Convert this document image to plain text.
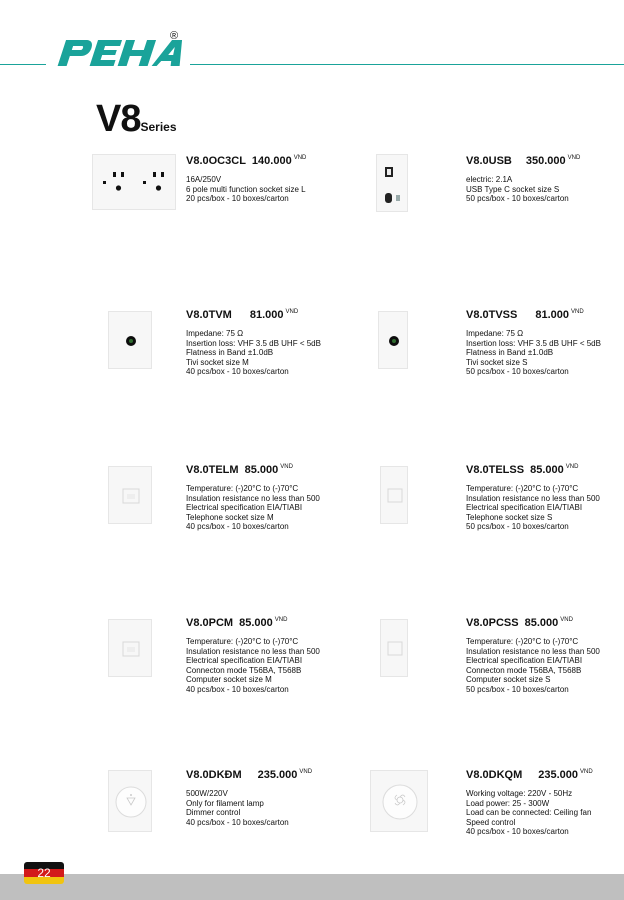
®
V8Series
V8.0OC3CL 140.000 $^{VND}$
16A/250V
6 pole multi function socket size L
20 pcs/box - 10 boxes/carton
V8.0TVM 81.000 $^{VND}$
Impedane: 75 Ω
Insertion loss: VHF 3.5 dB UHF < 5dB
Flatness in Band ±1.0dB
Tivi socket size M
40 pcs/box - 10 boxes/carton
V8.0TELM 85.000 $^{VND}$
Temperature: (-)20°C to (-)70°C
Insulation resistance no less than 500
Electrical specification EIA/TIABI
Telephone socket size M
40 pcs/box - 10 boxes/carton
V8.0PCM 85.000 $^{VND}$
Temperature: (-)20°C to (-)70°C
Insulation resistance no less than 500
Electrical specification EIA/TIABI
Connecton mode T56BA, T568B
Computer socket size M
40 pcs/box - 10 boxes/carton
V8.0DKĐM 235.000 $^{VND}$
500W/220V
Only for filament lamp
Dimmer control
40 pcs/box - 10 boxes/carton
V8.0USB 350.000 $^{VND}$
electric: 2.1A
USB Type C socket size S
50 pcs/box - 10 boxes/carton
V8.0TVSS 81.000 $^{VND}$
Impedane: 75 Ω
Insertion loss: VHF 3.5 dB UHF < 5dB
Flatness in Band ±1.0dB
Tivi socket size S
50 pcs/box - 10 boxes/carton
V8.0TELSS 85.000 $^{VND}$
Temperature: (-)20°C to (-)70°C
Insulation resistance no less than 500
Electrical specification EIA/TIABI
Telephone socket size S
50 pcs/box - 10 boxes/carton
V8.0PCSS 85.000 $^{VND}$
Temperature: (-)20°C to (-)70°C
Insulation resistance no less than 500
Electrical specification EIA/TIABI
Connecton mode T56BA, T568B
Computer socket size S
50 pcs/box - 10 boxes/carton
V8.0DKQM 235.000 $^{VND}$
Working voltage: 220V - 50Hz
Load power: 25 - 300W
Load can be connected: Ceiling fan
Speed control
40 pcs/box - 10 boxes/carton
22
